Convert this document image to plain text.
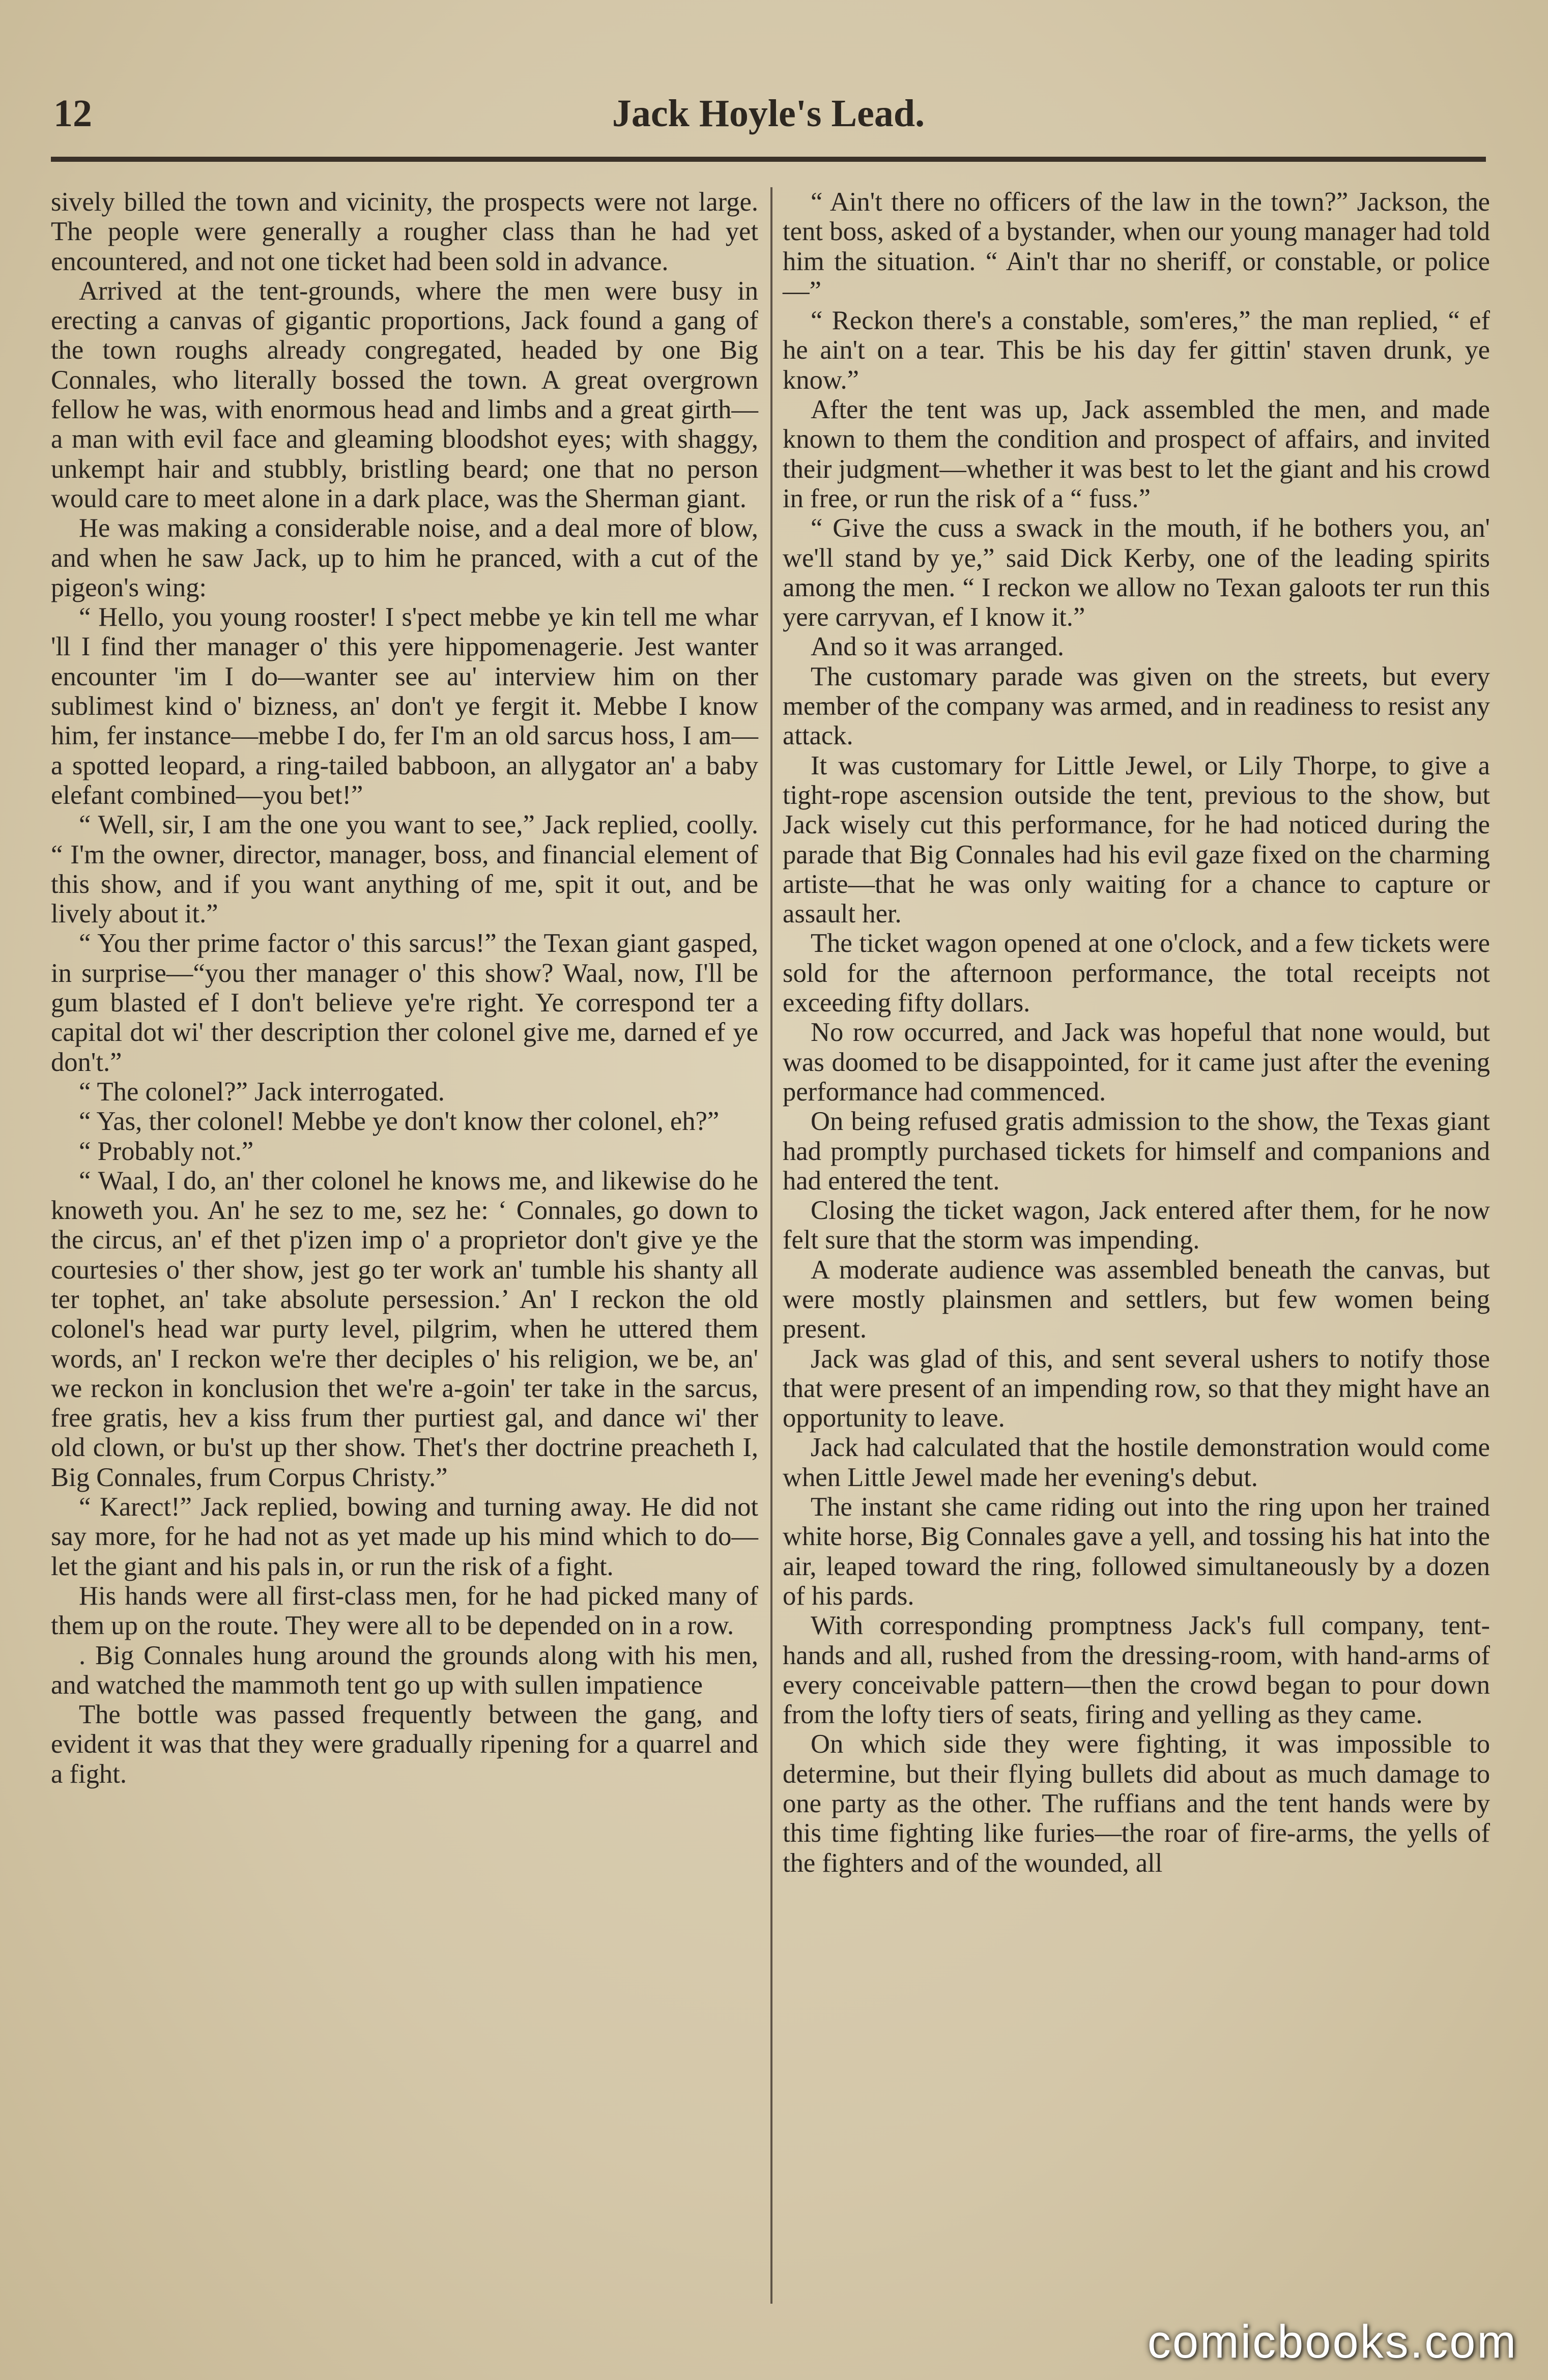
12	Jack Hoyle's Lead.

sively billed the town and vicinity, the prospects were not large. The people were generally a rougher class than he had yet encountered, and not one ticket had been sold in advance.

Arrived at the tent-grounds, where the men were busy in erecting a canvas of gigantic proportions, Jack found a gang of the town roughs already congregated, headed by one Big Connales, who literally bossed the town. A great overgrown fellow he was, with enormous head and limbs and a great girth—a man with evil face and gleaming bloodshot eyes; with shaggy, unkempt hair and stubbly, bristling beard; one that no person would care to meet alone in a dark place, was the Sherman giant.

He was making a considerable noise, and a deal more of blow, and when he saw Jack, up to him he pranced, with a cut of the pigeon's wing:

“ Hello, you young rooster! I s'pect mebbe ye kin tell me whar 'll I find ther manager o' this yere hippomenagerie. Jest wanter encounter 'im I do—wanter see au' interview him on ther sublimest kind o' bizness, an' don't ye fergit it. Mebbe I know him, fer instance—mebbe I do, fer I'm an old sarcus hoss, I am—a spotted leopard, a ring-tailed babboon, an allygator an' a baby elefant combined—you bet!”

“ Well, sir, I am the one you want to see,” Jack replied, coolly. “ I'm the owner, director, manager, boss, and financial element of this show, and if you want anything of me, spit it out, and be lively about it.”

“ You ther prime factor o' this sarcus!” the Texan giant gasped, in surprise—“you ther manager o' this show? Waal, now, I'll be gum blasted ef I don't believe ye're right. Ye correspond ter a capital dot wi' ther description ther colonel give me, darned ef ye don't.”

“ The colonel?” Jack interrogated.

“ Yas, ther colonel! Mebbe ye don't know ther colonel, eh?”

“ Probably not.”

“ Waal, I do, an' ther colonel he knows me, and likewise do he knoweth you. An' he sez to me, sez he: ‘ Connales, go down to the circus, an' ef thet p'izen imp o' a proprietor don't give ye the courtesies o' ther show, jest go ter work an' tumble his shanty all ter tophet, an' take absolute persession.’ An' I reckon the old colonel's head war purty level, pilgrim, when he uttered them words, an' I reckon we're ther deciples o' his religion, we be, an' we reckon in konclusion thet we're a-goin' ter take in the sarcus, free gratis, hev a kiss frum ther purtiest gal, and dance wi' ther old clown, or bu'st up ther show. Thet's ther doctrine preacheth I, Big Connales, frum Corpus Christy.”

“ Karect!” Jack replied, bowing and turning away. He did not say more, for he had not as yet made up his mind which to do—let the giant and his pals in, or run the risk of a fight.

His hands were all first-class men, for he had picked many of them up on the route. They were all to be depended on in a row.

. Big Connales hung around the grounds along with his men, and watched the mammoth tent go up with sullen impatience

The bottle was passed frequently between the gang, and evident it was that they were gradually ripening for a quarrel and a fight.

“ Ain't there no officers of the law in the town?” Jackson, the tent boss, asked of a bystander, when our young manager had told him the situation. “ Ain't thar no sheriff, or constable, or police—”

“ Reckon there's a constable, som'eres,” the man replied, “ ef he ain't on a tear. This be his day fer gittin' staven drunk, ye know.”

After the tent was up, Jack assembled the men, and made known to them the condition and prospect of affairs, and invited their judgment—whether it was best to let the giant and his crowd in free, or run the risk of a “ fuss.”

“ Give the cuss a swack in the mouth, if he bothers you, an' we'll stand by ye,” said Dick Kerby, one of the leading spirits among the men. “ I reckon we allow no Texan galoots ter run this yere carryvan, ef I know it.”

And so it was arranged.

The customary parade was given on the streets, but every member of the company was armed, and in readiness to resist any attack.

It was customary for Little Jewel, or Lily Thorpe, to give a tight-rope ascension outside the tent, previous to the show, but Jack wisely cut this performance, for he had noticed during the parade that Big Connales had his evil gaze fixed on the charming artiste—that he was only waiting for a chance to capture or assault her.

The ticket wagon opened at one o'clock, and a few tickets were sold for the afternoon performance, the total receipts not exceeding fifty dollars.

No row occurred, and Jack was hopeful that none would, but was doomed to be disappointed, for it came just after the evening performance had commenced.

On being refused gratis admission to the show, the Texas giant had promptly purchased tickets for himself and companions and had entered the tent.

Closing the ticket wagon, Jack entered after them, for he now felt sure that the storm was impending.

A moderate audience was assembled beneath the canvas, but were mostly plainsmen and settlers, but few women being present.

Jack was glad of this, and sent several ushers to notify those that were present of an impending row, so that they might have an opportunity to leave.

Jack had calculated that the hostile demonstration would come when Little Jewel made her evening's debut.

The instant she came riding out into the ring upon her trained white horse, Big Connales gave a yell, and tossing his hat into the air, leaped toward the ring, followed simultaneously by a dozen of his pards.

With corresponding promptness Jack's full company, tent-hands and all, rushed from the dressing-room, with hand-arms of every conceivable pattern—then the crowd began to pour down from the lofty tiers of seats, firing and yelling as they came.

On which side they were fighting, it was impossible to determine, but their flying bullets did about as much damage to one party as the other. The ruffians and the tent hands were by this time fighting like furies—the roar of fire-arms, the yells of the fighters and of the wounded, all

comicbooks.com
